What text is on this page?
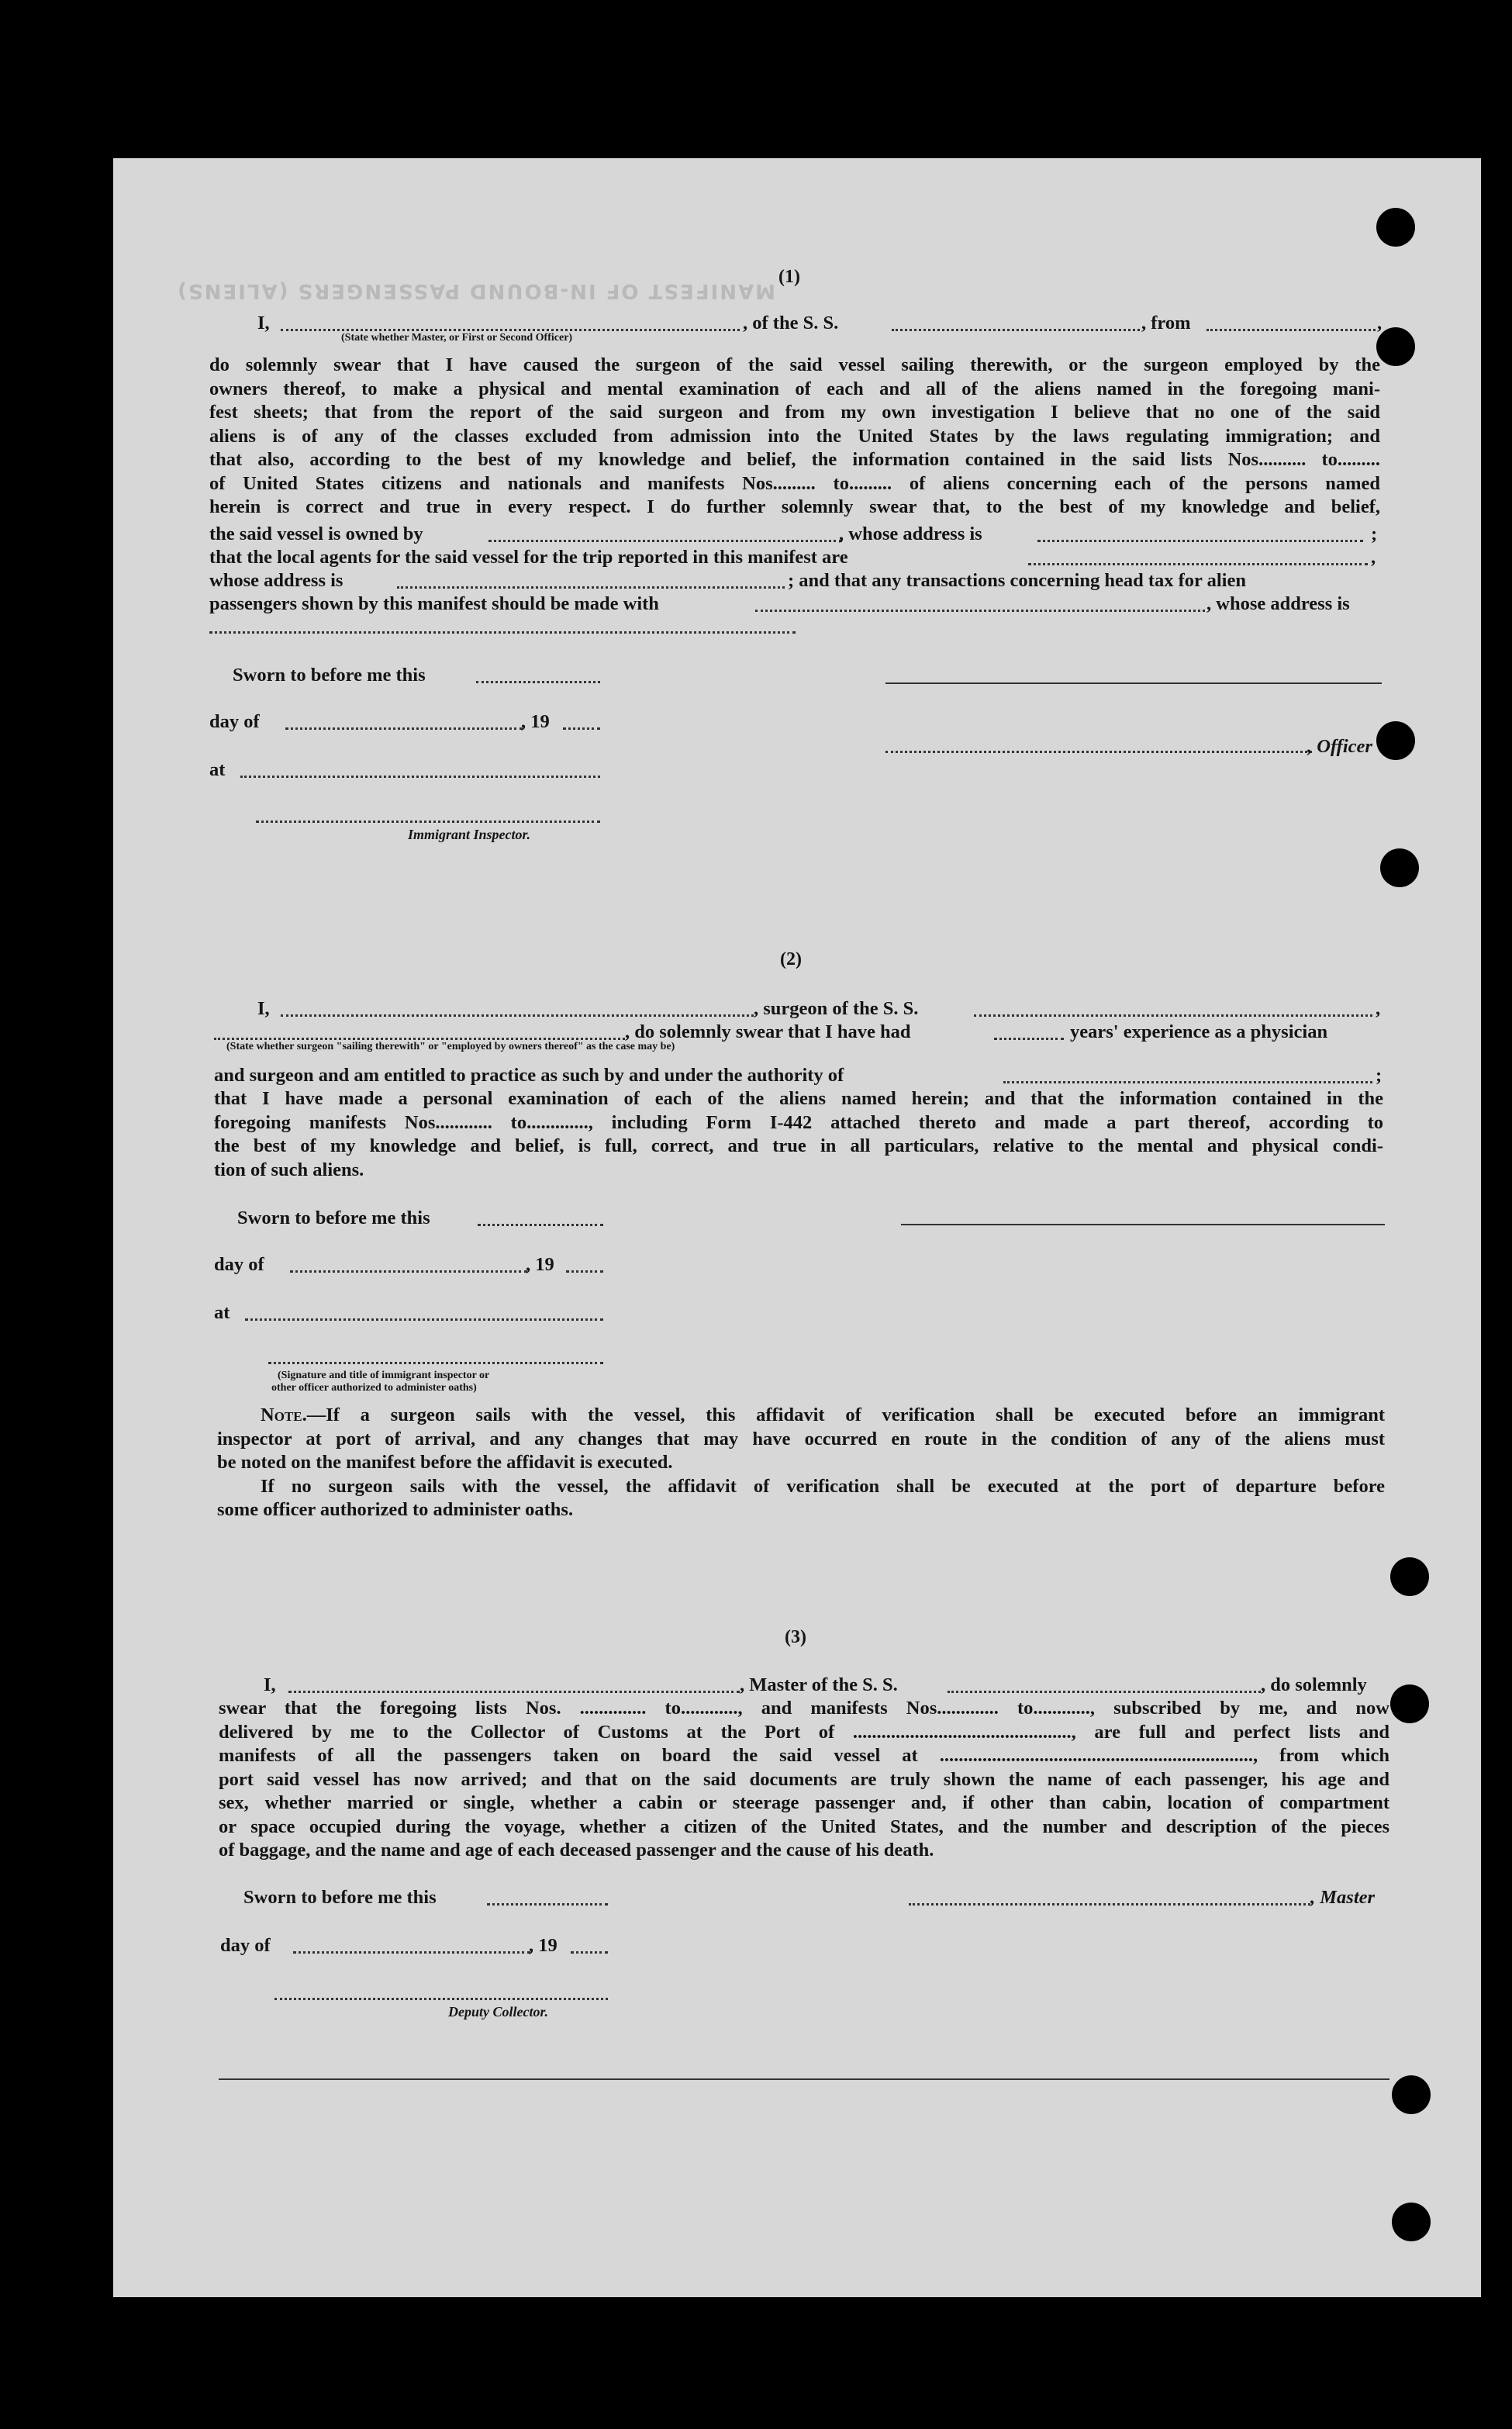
MANIFEST OF IN-BOUND PASSENGERS (ALIENS)
(1)
I,	, of the S. S.	, from	,
(State whether Master, or First or Second Officer)
do solemnly swear that I have caused the surgeon of the said vessel sailing therewith, or the surgeon employed by the
owners thereof, to make a physical and mental examination of each and all of the aliens named in the foregoing mani-
fest sheets; that from the report of the said surgeon and from my own investigation I believe that no one of the said
aliens is of any of the classes excluded from admission into the United States by the laws regulating immigration; and
that also, according to the best of my knowledge and belief, the information contained in the said lists Nos.......... to.........
of United States citizens and nationals and manifests Nos......... to......... of aliens concerning each of the persons named
herein is correct and true in every respect. I do further solemnly swear that, to the best of my knowledge and belief,
the said vessel is owned by	, whose address is	;
that the local agents for the said vessel for the trip reported in this manifest are	,
whose address is	; and that any transactions concerning head tax for alien
passengers shown by this manifest should be made with	, whose address is
Sworn to before me this
day of	, 19
, Officer
at
Immigrant Inspector.
(2)
I,	, surgeon of the S. S.	,
, do solemnly swear that I have had	years' experience as a physician
(State whether surgeon "sailing therewith" or "employed by owners thereof" as the case may be)
and surgeon and am entitled to practice as such by and under the authority of	;
that I have made a personal examination of each of the aliens named herein; and that the information contained in the
foregoing manifests Nos............ to............., including Form I-442 attached thereto and made a part thereof, according to
the best of my knowledge and belief, is full, correct, and true in all particulars, relative to the mental and physical condi-
tion of such aliens.
Sworn to before me this
day of	, 19
at
(Signature and title of immigrant inspector or
other officer authorized to administer oaths)
Note.—If a surgeon sails with the vessel, this affidavit of verification shall be executed before an immigrant
inspector at port of arrival, and any changes that may have occurred en route in the condition of any of the aliens must
be noted on the manifest before the affidavit is executed.
If no surgeon sails with the vessel, the affidavit of verification shall be executed at the port of departure before
some officer authorized to administer oaths.
(3)
I,	, Master of the S. S.	, do solemnly
swear that the foregoing lists Nos. .............. to............, and manifests Nos............. to............, subscribed by me, and now
delivered by me to the Collector of Customs at the Port of .............................................., are full and perfect lists and
manifests of all the passengers taken on board the said vessel at .................................................................., from which
port said vessel has now arrived; and that on the said documents are truly shown the name of each passenger, his age and
sex, whether married or single, whether a cabin or steerage passenger and, if other than cabin, location of compartment
or space occupied during the voyage, whether a citizen of the United States, and the number and description of the pieces
of baggage, and the name and age of each deceased passenger and the cause of his death.
Sworn to before me this	, Master
day of	, 19
Deputy Collector.
